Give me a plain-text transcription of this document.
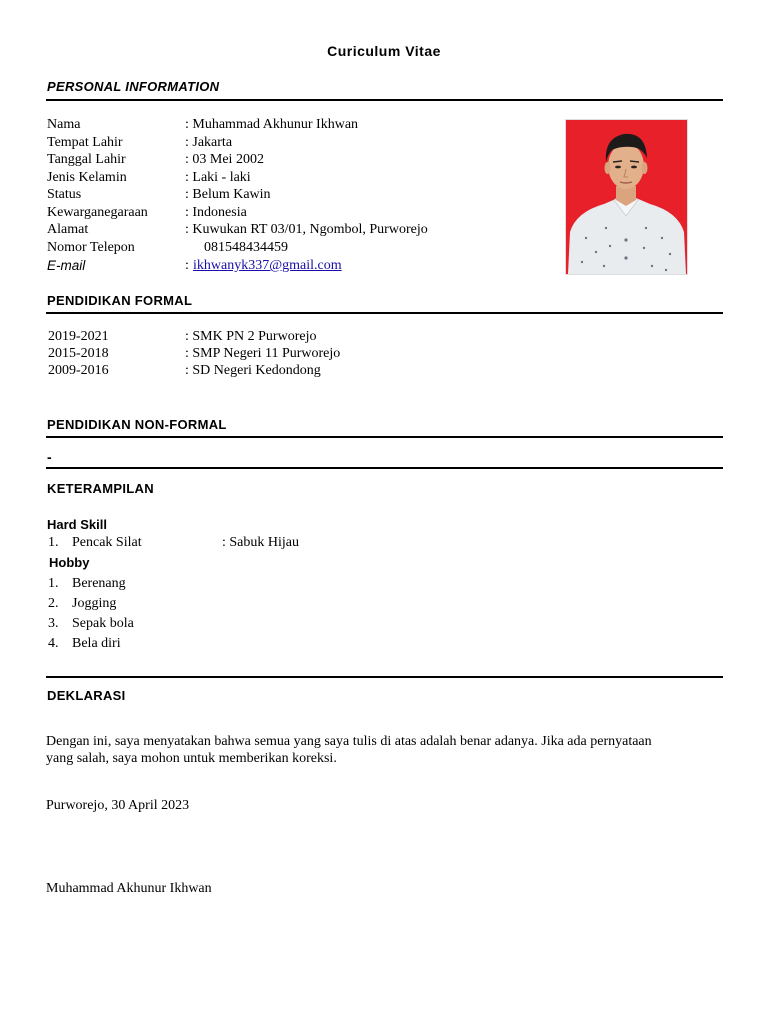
Curiculum Vitae
PERSONAL INFORMATION
Nama	: Muhammad Akhunur Ikhwan
Tempat Lahir	: Jakarta
Tanggal Lahir	: 03 Mei 2002
Jenis Kelamin	: Laki - laki
Status	: Belum Kawin
Kewarganegaraan	: Indonesia
Alamat	: Kuwukan RT 03/01, Ngombol, Purworejo
Nomor Telepon	081548434459
E-mail	: ikhwanyk337@gmail.com
PENDIDIKAN FORMAL
2019-2021	: SMK PN 2 Purworejo
2015-2018	: SMP Negeri 11 Purworejo
2009-2016	: SD Negeri Kedondong
PENDIDIKAN NON-FORMAL
-
KETERAMPILAN
Hard Skill
1. Pencak Silat	: Sabuk Hijau
Hobby
1. Berenang
2. Jogging
3. Sepak bola
4. Bela diri
DEKLARASI
Dengan ini, saya menyatakan bahwa semua yang saya tulis di atas adalah benar adanya. Jika ada pernyataan
yang salah, saya mohon untuk memberikan koreksi.
Purworejo, 30 April 2023
Muhammad Akhunur Ikhwan
